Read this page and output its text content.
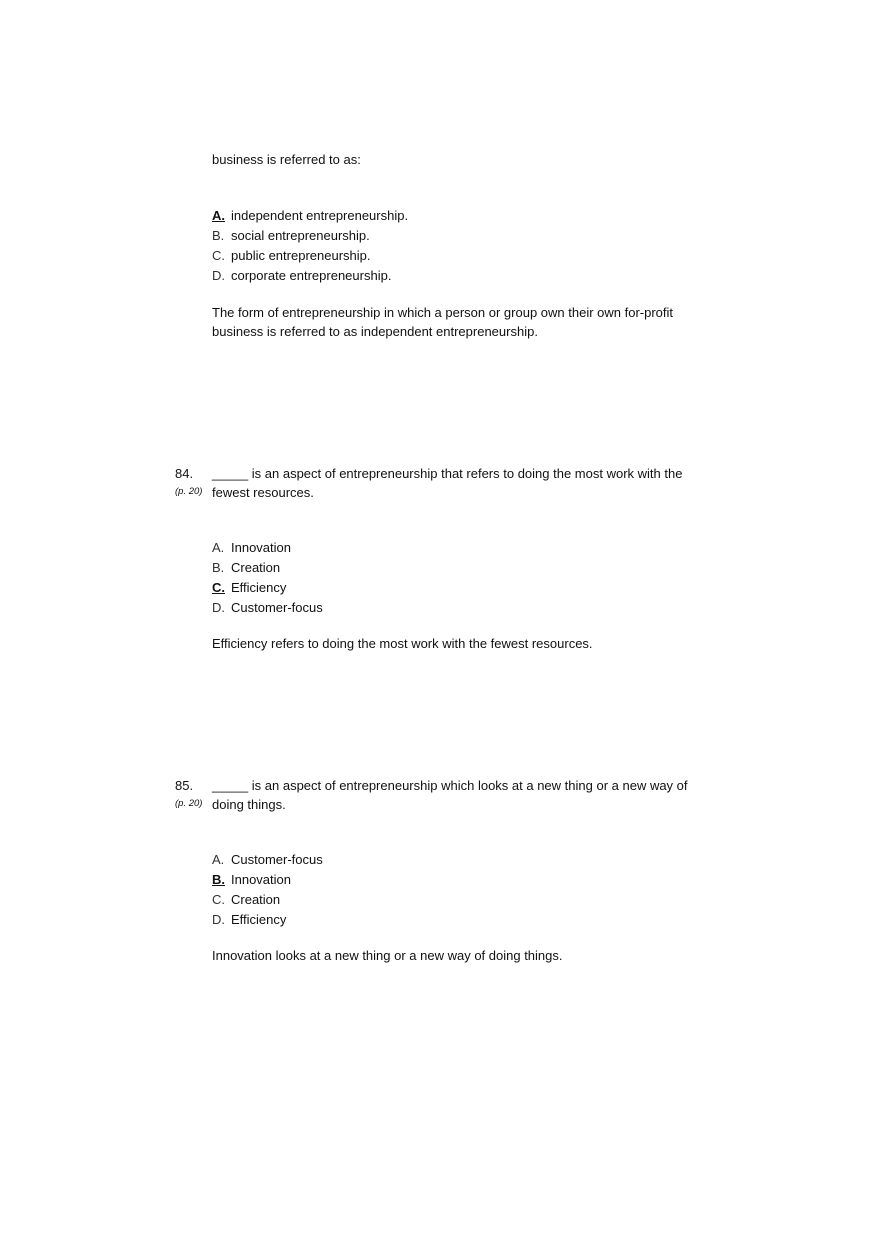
business is referred to as:
A. independent entrepreneurship.
B. social entrepreneurship.
C. public entrepreneurship.
D. corporate entrepreneurship.
The form of entrepreneurship in which a person or group own their own for-profit business is referred to as independent entrepreneurship.
84.
(p. 20)
_____ is an aspect of entrepreneurship that refers to doing the most work with the fewest resources.
A. Innovation
B. Creation
C. Efficiency
D. Customer-focus
Efficiency refers to doing the most work with the fewest resources.
85.
(p. 20)
_____ is an aspect of entrepreneurship which looks at a new thing or a new way of doing things.
A. Customer-focus
B. Innovation
C. Creation
D. Efficiency
Innovation looks at a new thing or a new way of doing things.
